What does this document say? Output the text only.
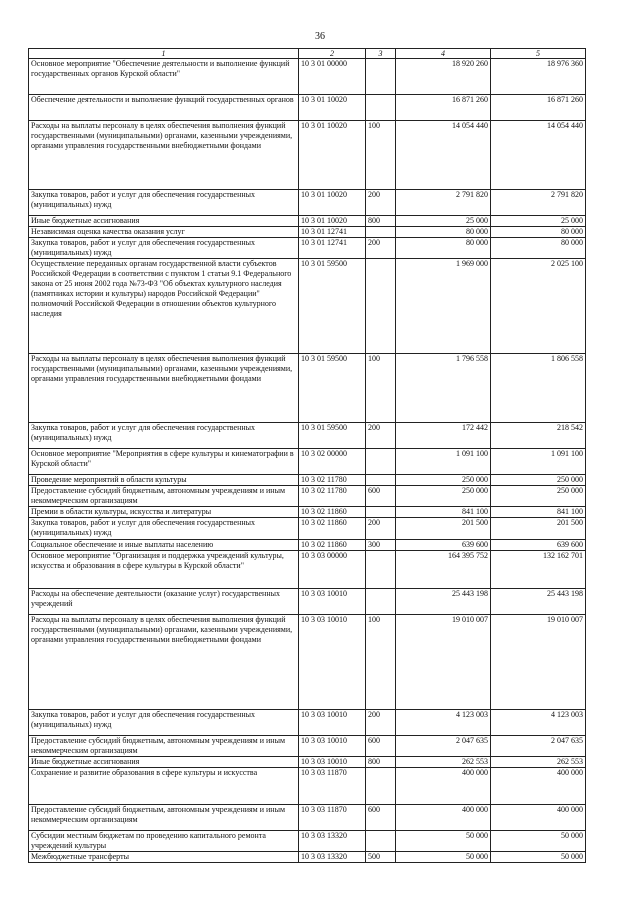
36
1	2	3	4	5
Основное мероприятие "Обеспечение деятельности и выполнение функций государственных органов Курской области"	10 3 01 00000		18 920 260	18 976 360
Обеспечение деятельности и выполнение функций государственных органов	10 3 01 10020		16 871 260	16 871 260
Расходы на выплаты персоналу в целях обеспечения выполнения функций государственными (муниципальными) органами, казенными учреждениями, органами управления государственными внебюджетными фондами	10 3 01 10020	100	14 054 440	14 054 440
Закупка товаров, работ и услуг для обеспечения государственных (муниципальных) нужд	10 3 01 10020	200	2 791 820	2 791 820
Иные бюджетные ассигнования	10 3 01 10020	800	25 000	25 000
Независимая оценка качества оказания услуг	10 3 01 12741		80 000	80 000
Закупка товаров, работ и услуг для обеспечения государственных (муниципальных) нужд	10 3 01 12741	200	80 000	80 000
Осуществление переданных органам государственной власти субъектов Российской Федерации в соответствии с пунктом 1 статьи 9.1 Федерального закона от 25 июня 2002 года №73-ФЗ "Об объектах культурного наследия (памятниках истории и культуры) народов Российской Федерации" полномочий Российской Федерации в отношении объектов культурного наследия	10 3 01 59500		1 969 000	2 025 100
Расходы на выплаты персоналу в целях обеспечения выполнения функций государственными (муниципальными) органами, казенными учреждениями, органами управления государственными внебюджетными фондами	10 3 01 59500	100	1 796 558	1 806 558
Закупка товаров, работ и услуг для обеспечения государственных (муниципальных) нужд	10 3 01 59500	200	172 442	218 542
Основное мероприятие "Мероприятия в сфере культуры и кинематографии в Курской области"	10 3 02 00000		1 091 100	1 091 100
Проведение мероприятий в области культуры	10 3 02 11780		250 000	250 000
Предоставление субсидий бюджетным, автономным учреждениям и иным некоммерческим организациям	10 3 02 11780	600	250 000	250 000
Премии в области культуры, искусства и литературы	10 3 02 11860		841 100	841 100
Закупка товаров, работ и услуг для обеспечения государственных (муниципальных) нужд	10 3 02 11860	200	201 500	201 500
Социальное обеспечение и иные выплаты населению	10 3 02 11860	300	639 600	639 600
Основное мероприятие "Организация и поддержка учреждений культуры, искусства и образования в сфере культуры в Курской области"	10 3 03 00000		164 395 752	132 162 701
Расходы на обеспечение деятельности (оказание услуг) государственных учреждений	10 3 03 10010		25 443 198	25 443 198
Расходы на выплаты персоналу в целях обеспечения выполнения функций государственными (муниципальными) органами, казенными учреждениями, органами управления государственными внебюджетными фондами	10 3 03 10010	100	19 010 007	19 010 007
Закупка товаров, работ и услуг для обеспечения государственных (муниципальных) нужд	10 3 03 10010	200	4 123 003	4 123 003
Предоставление субсидий бюджетным, автономным учреждениям и иным некоммерческим организациям	10 3 03 10010	600	2 047 635	2 047 635
Иные бюджетные ассигнования	10 3 03 10010	800	262 553	262 553
Сохранение и развитие образования в сфере культуры и искусства	10 3 03 11870		400 000	400 000
Предоставление субсидий бюджетным, автономным учреждениям и иным некоммерческим организациям	10 3 03 11870	600	400 000	400 000
Субсидии местным бюджетам по проведению капитального ремонта учреждений культуры	10 3 03 13320		50 000	50 000
Межбюджетные трансферты	10 3 03 13320	500	50 000	50 000
